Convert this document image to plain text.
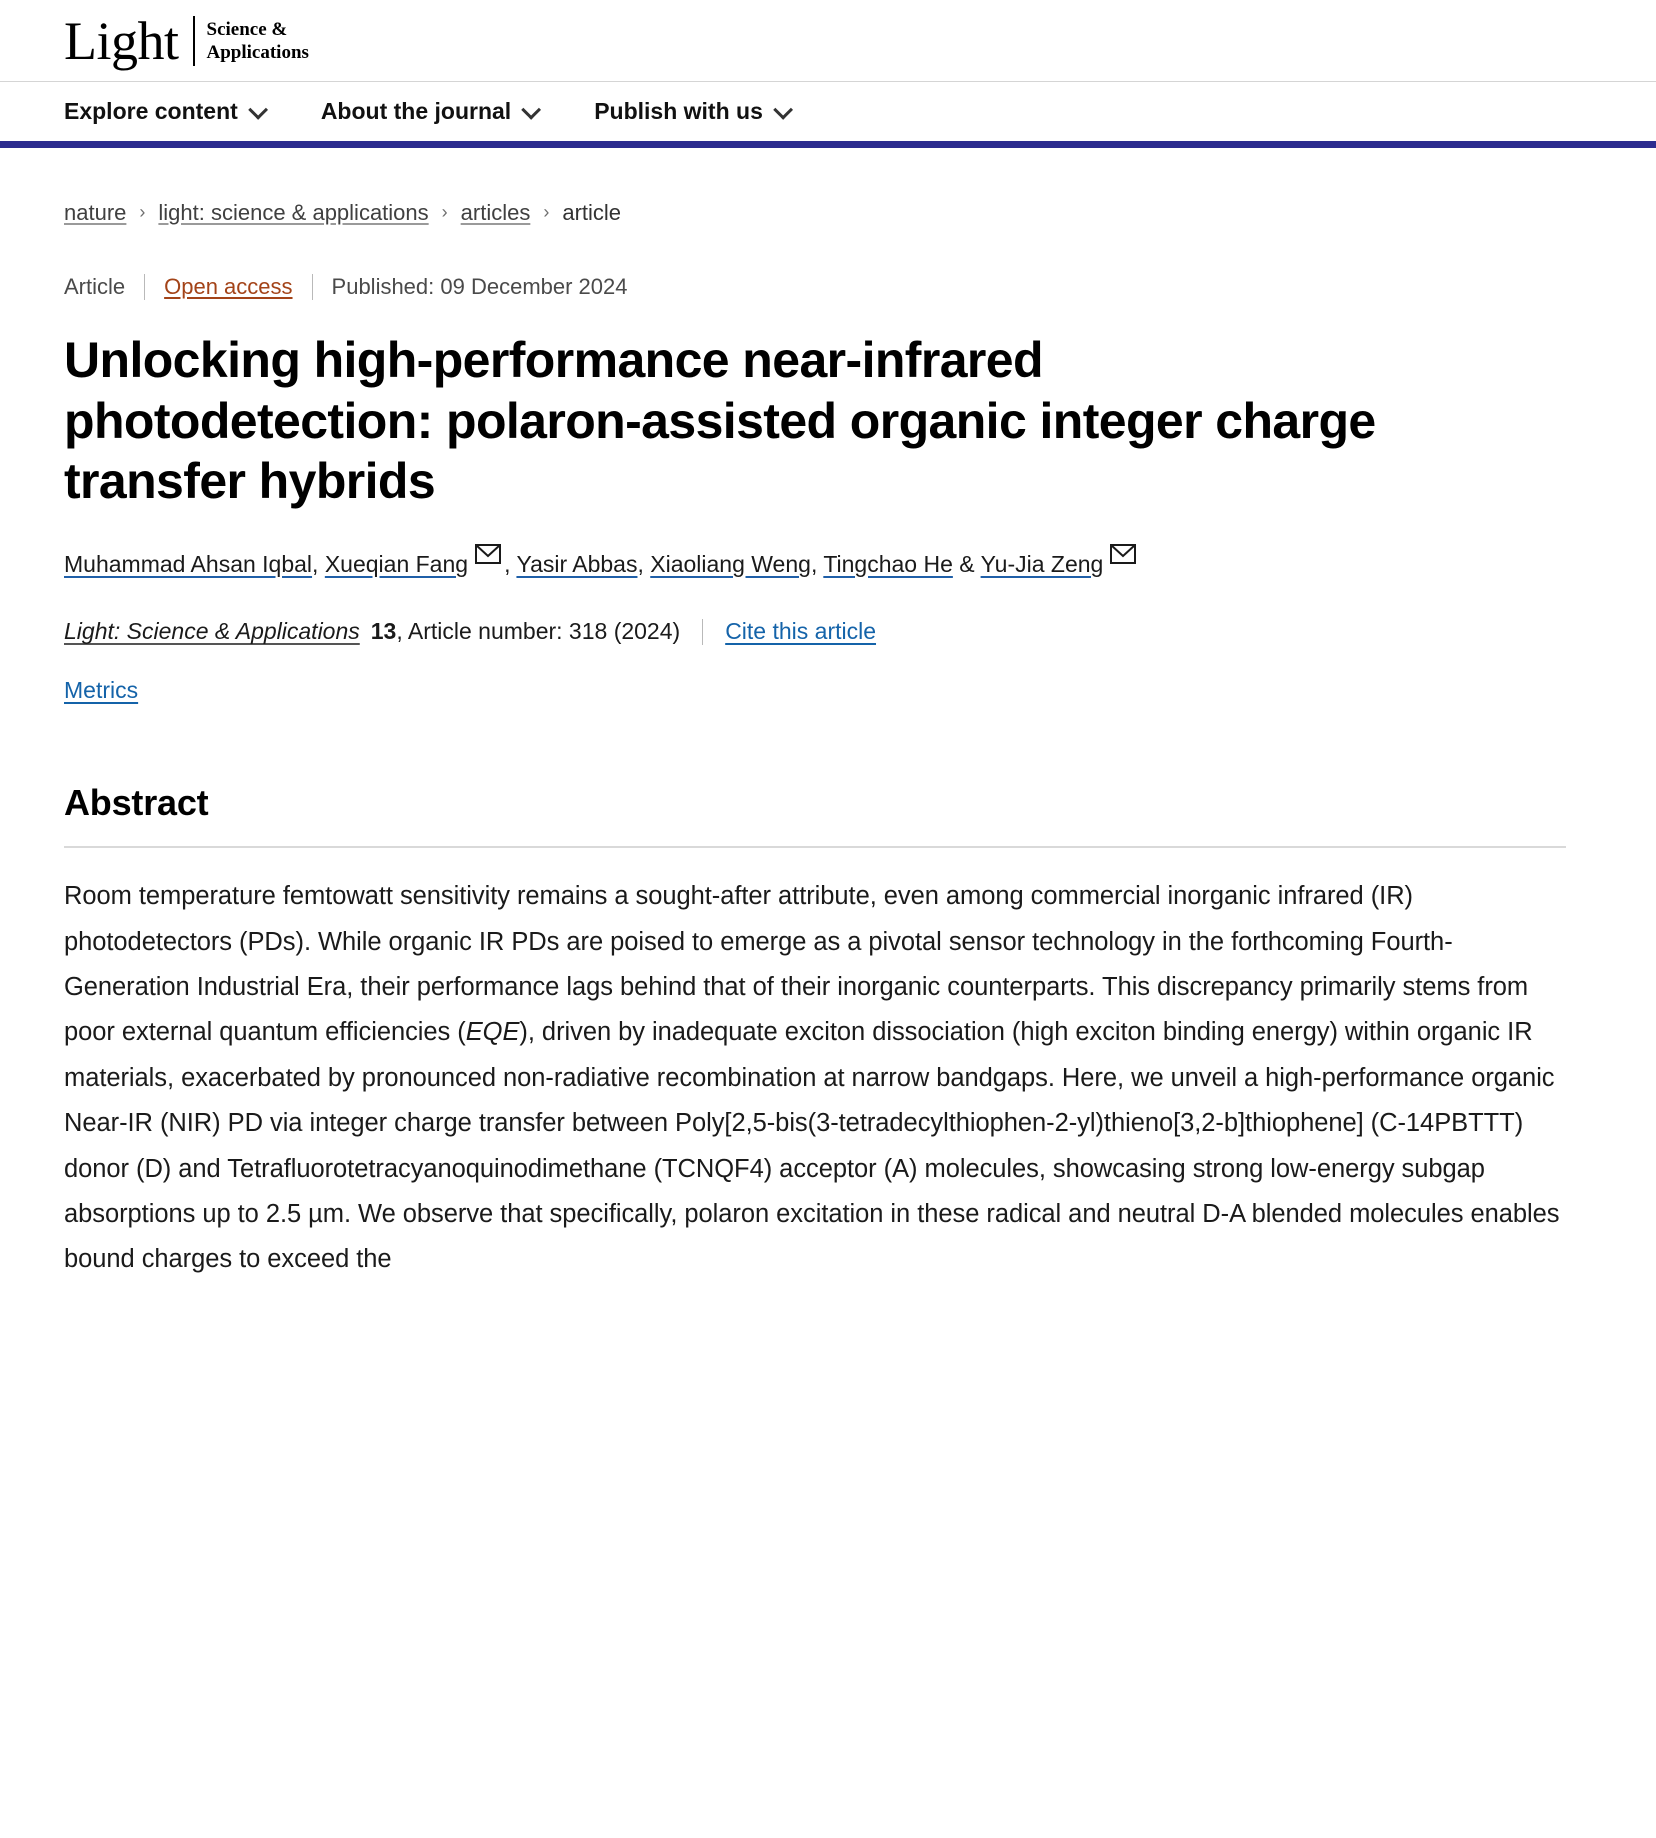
Light Science &
Applications
Explore content	About the journal	Publish with us
nature › light: science & applications › articles › article
Article Open access Published: 09 December 2024
Unlocking high-performance near-infrared photodetection: polaron-assisted organic integer charge transfer hybrids
Muhammad Ahsan Iqbal, Xueqian Fang , Yasir Abbas, Xiaoliang Weng, Tingchao He & Yu-Jia Zeng
Light: Science & Applications 13 , Article number: 318 (2024) Cite this article
Metrics
Abstract

Room temperature femtowatt sensitivity remains a sought-after attribute, even among commercial inorganic infrared (IR) photodetectors (PDs). While organic IR PDs are poised to emerge as a pivotal sensor technology in the forthcoming Fourth-Generation Industrial Era, their performance lags behind that of their inorganic counterparts. This discrepancy primarily stems from poor external quantum efficiencies (EQE), driven by inadequate exciton dissociation (high exciton binding energy) within organic IR materials, exacerbated by pronounced non-radiative recombination at narrow bandgaps. Here, we unveil a high-performance organic Near-IR (NIR) PD via integer charge transfer between Poly[2,5-bis(3-tetradecylthiophen-2-yl)thieno[3,2-b]thiophene] (C-14PBTTT) donor (D) and Tetrafluorotetracyanoquinodimethane (TCNQF4) acceptor (A) molecules, showcasing strong low-energy subgap absorptions up to 2.5 µm. We observe that specifically, polaron excitation in these radical and neutral D-A blended molecules enables bound charges to exceed the
